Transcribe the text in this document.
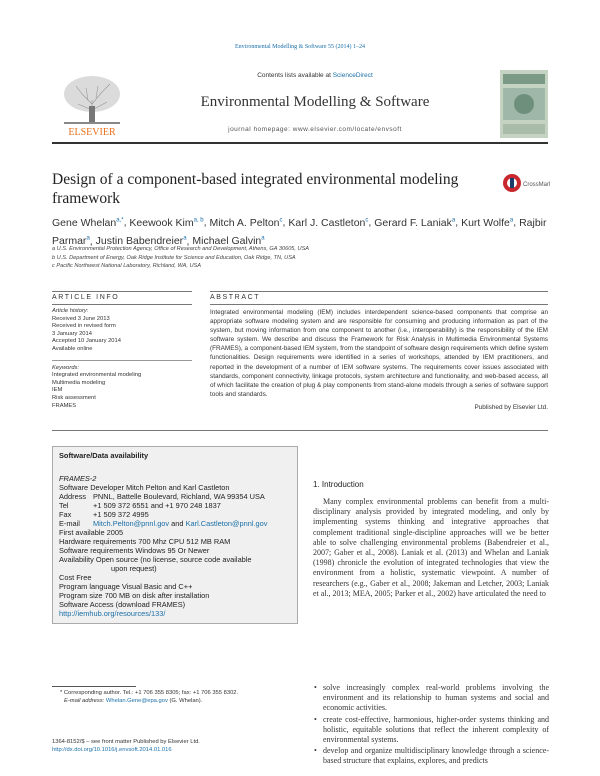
Environmental Modelling & Software 55 (2014) 1–24
ELSEVIER
Contents lists available at ScienceDirect
Environmental Modelling & Software
journal homepage: www.elsevier.com/locate/envsoft
Design of a component-based integrated environmental modeling framework
CrossMark
Gene Whelan$^{a,*}$, Keewook Kim$^{a, b}$, Mitch A. Pelton$^c$, Karl J. Castleton$^c$, Gerard F. Laniak$^a$, Kurt Wolfe$^a$, Rajbir Parmar$^a$, Justin Babendreier$^a$, Michael Galvin$^a$
a U.S. Environmental Protection Agency, Office of Research and Development, Athens, GA 30605, USA
b U.S. Department of Energy, Oak Ridge Institute for Science and Education, Oak Ridge, TN, USA
c Pacific Northwest National Laboratory, Richland, WA, USA
ARTICLE INFO	ABSTRACT
Article history:
Received 3 June 2013
Received in revised form
3 January 2014
Accepted 10 January 2014
Available online
Keywords:
Integrated environmental modeling
Multimedia modeling
IEM
Risk assessment
FRAMES

Integrated environmental modeling (IEM) includes interdependent science-based components that comprise an appropriate software modeling system and are responsible for consuming and producing information as part of the system, but moving information from one component to another (i.e., interoperability) is the responsibility of the IEM software system. We describe and discuss the Framework for Risk Analysis in Multimedia Environmental Systems (FRAMES), a component-based IEM system, from the standpoint of software design requirements which define system functionalities. Design requirements were identified in a series of workshops, attended by IEM practitioners, and reported in the development of a number of IEM software systems. The requirements cover issues associated with standards, component connectivity, linkage protocols, system architecture and functionality, and web-based access, all of which facilitate the creation of plug & play components from stand-alone models through a series of software support tools and standards.

Published by Elsevier Ltd.

Software/Data availability
FRAMES-2
Software Developer Mitch Pelton and Karl Castleton
Address PNNL, Battelle Boulevard, Richland, WA 99354 USA
Tel	+1 509 372 6551 and +1 970 248 1837
Fax	+1 509 372 4995
E-mail	Mitch.Pelton@pnnl.gov and Karl.Castleton@pnnl.gov
First available 2005
Hardware requirements 700 Mhz CPU 512 MB RAM
Software requirements Windows 95 Or Newer
Availability Open source (no license, source code available
upon request)
Cost Free
Program language Visual Basic and C++
Program size 700 MB on disk after installation
Software Access (download FRAMES) http://iemhub.org/resources/133/
1. Introduction

Many complex environmental problems can benefit from a multi-disciplinary analysis provided by integrated modeling, and only by implementing systems thinking and integrative approaches that complement traditional single-discipline approaches will we be better able to solve challenging environmental problems (Babendreier et al., 2007; Gaber et al., 2008). Laniak et al. (2013) and Whelan and Laniak (1998) chronicle the evolution of integrated technologies that view the environment from a holistic, systematic viewpoint. A number of researchers (e.g., Gaber et al., 2008; Jakeman and Letcher, 2003; Laniak et al., 2013; MEA, 2005; Parker et al., 2002) have articulated the need to

• solve increasingly complex real-world problems involving the environment and its relationship to human systems and social and economic activities.
• create cost-effective, harmonious, higher-order systems thinking and holistic, equitable solutions that reflect the inherent complexity of environmental systems.
• develop and organize multidisciplinary knowledge through a science-based structure that explains, explores, and predicts
* Corresponding author. Tel.: +1 706 355 8305; fax: +1 706 355 8302.
E-mail address: Whelan.Gene@epa.gov (G. Whelan).
1364-8152/$ – see front matter Published by Elsevier Ltd.
http://dx.doi.org/10.1016/j.envsoft.2014.01.016
